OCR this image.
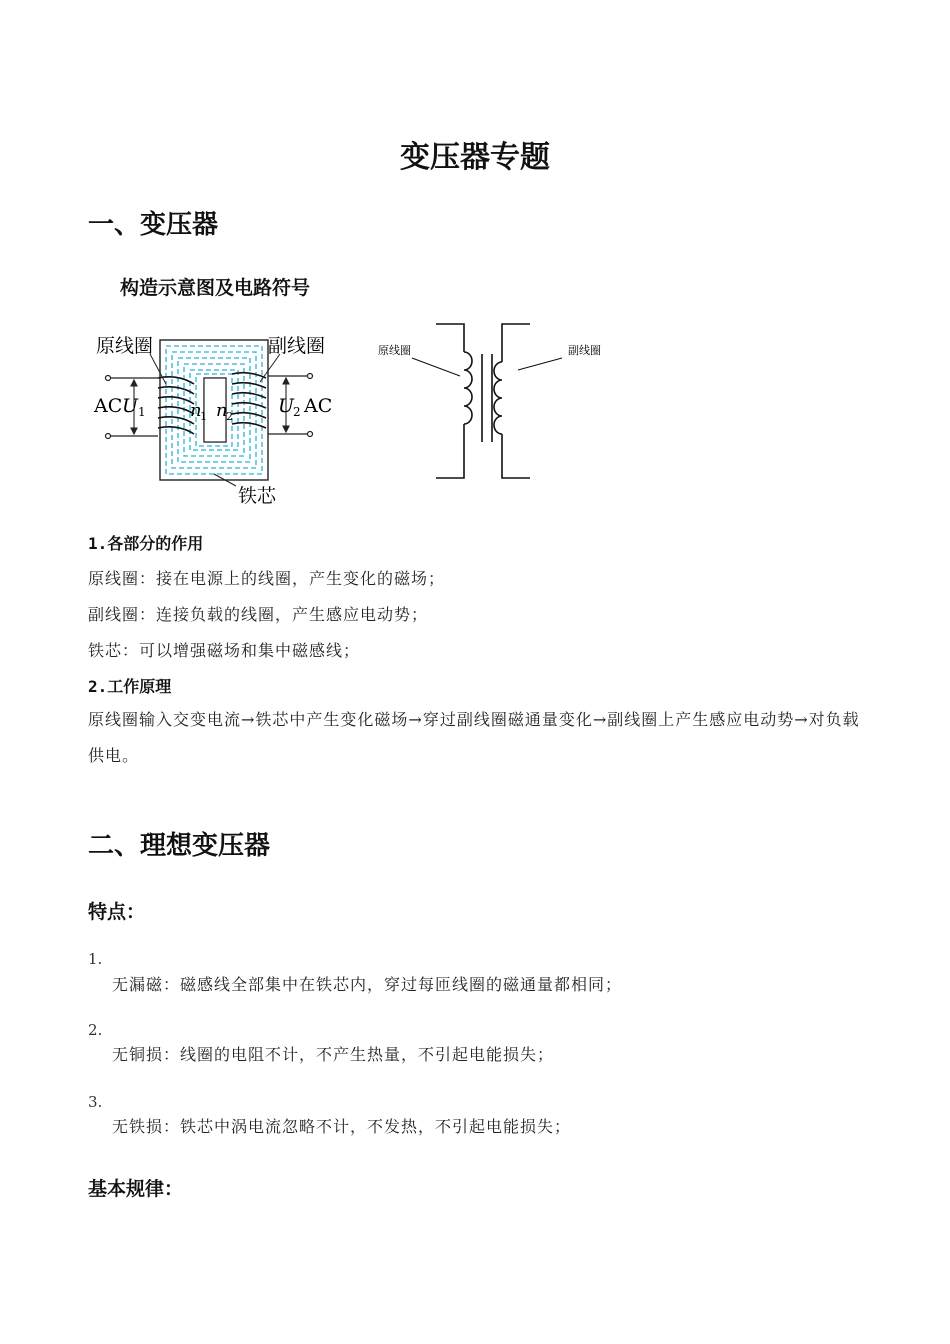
变压器专题
一、变压器
构造示意图及电路符号
原线圈	副线圈
铁芯
AC U 1	U
2 AC
n
1 n
2
原线圈	副线圈
1.各部分的作用
原线圈：接在电源上的线圈，产生变化的磁场；
副线圈：连接负载的线圈，产生感应电动势；
铁芯：可以增强磁场和集中磁感线；
2.工作原理
原线圈输入交变电流→铁芯中产生变化磁场→穿过副线圈磁通量变化→副线圈上产生感应电动势→对负载供电。
二、理想变压器
特点：
1.
无漏磁：磁感线全部集中在铁芯内，穿过每匝线圈的磁通量都相同；
2.
无铜损：线圈的电阻不计，不产生热量，不引起电能损失；
3.
无铁损：铁芯中涡电流忽略不计，不发热，不引起电能损失；
基本规律：
